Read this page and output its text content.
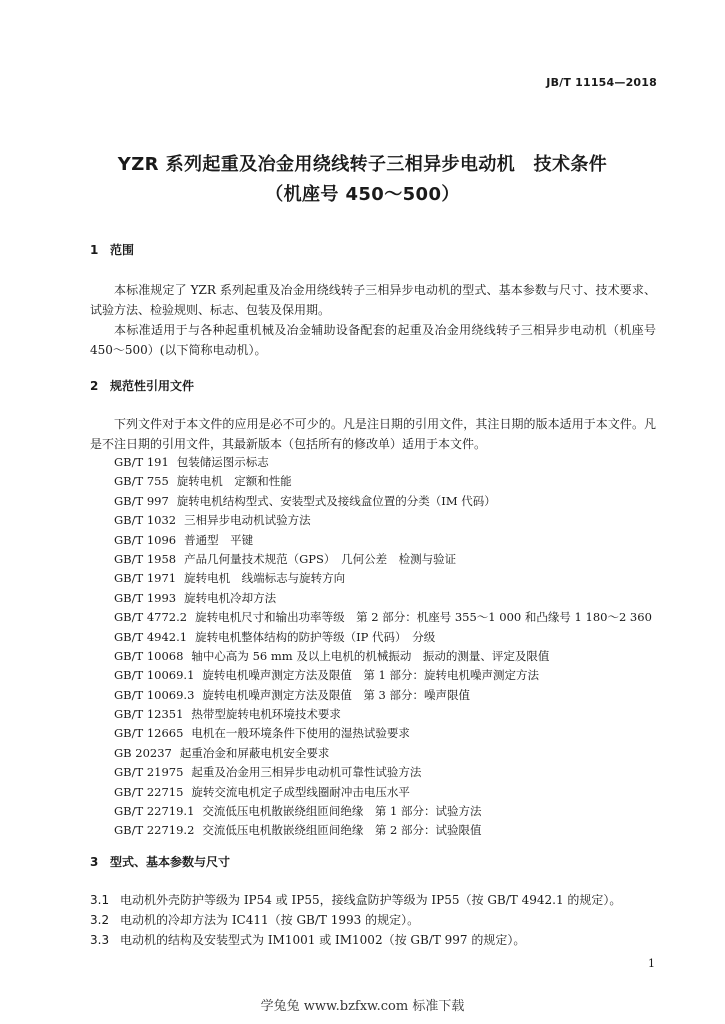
JB/T 11154—2018
YZR 系列起重及冶金用绕线转子三相异步电动机　技术条件
（机座号 450～500）
1 范围
本标准规定了 YZR 系列起重及冶金用绕线转子三相异步电动机的型式、基本参数与尺寸、技术要求、试验方法、检验规则、标志、包装及保用期。
本标准适用于与各种起重机械及冶金辅助设备配套的起重及冶金用绕线转子三相异步电动机（机座号 450～500）(以下简称电动机）。
2 规范性引用文件
下列文件对于本文件的应用是必不可少的。凡是注日期的引用文件，其注日期的版本适用于本文件。凡是不注日期的引用文件，其最新版本（包括所有的修改单）适用于本文件。
GB/T 191 包装储运图示标志
GB/T 755 旋转电机　定额和性能
GB/T 997 旋转电机结构型式、安装型式及接线盒位置的分类（IM 代码）
GB/T 1032 三相异步电动机试验方法
GB/T 1096 普通型　平键
GB/T 1958 产品几何量技术规范（GPS）　几何公差　检测与验证
GB/T 1971 旋转电机　线端标志与旋转方向
GB/T 1993 旋转电机冷却方法
GB/T 4772.2 旋转电机尺寸和输出功率等级　第 2 部分：机座号 355～1 000 和凸缘号 1 180～2 360
GB/T 4942.1 旋转电机整体结构的防护等级（IP 代码）　分级
GB/T 10068 轴中心高为 56 mm 及以上电机的机械振动　振动的测量、评定及限值
GB/T 10069.1 旋转电机噪声测定方法及限值　第 1 部分：旋转电机噪声测定方法
GB/T 10069.3 旋转电机噪声测定方法及限值　第 3 部分：噪声限值
GB/T 12351 热带型旋转电机环境技术要求
GB/T 12665 电机在一般环境条件下使用的湿热试验要求
GB 20237 起重冶金和屏蔽电机安全要求
GB/T 21975 起重及冶金用三相异步电动机可靠性试验方法
GB/T 22715 旋转交流电机定子成型线圈耐冲击电压水平
GB/T 22719.1 交流低压电机散嵌绕组匝间绝缘　第 1 部分：试验方法
GB/T 22719.2 交流低压电机散嵌绕组匝间绝缘　第 2 部分：试验限值
3 型式、基本参数与尺寸
3.1 电动机外壳防护等级为 IP54 或 IP55，接线盒防护等级为 IP55（按 GB/T 4942.1 的规定）。
3.2 电动机的冷却方法为 IC411（按 GB/T 1993 的规定）。
3.3 电动机的结构及安装型式为 IM1001 或 IM1002（按 GB/T 997 的规定）。
1
学兔兔 www.bzfxw.com 标准下载
